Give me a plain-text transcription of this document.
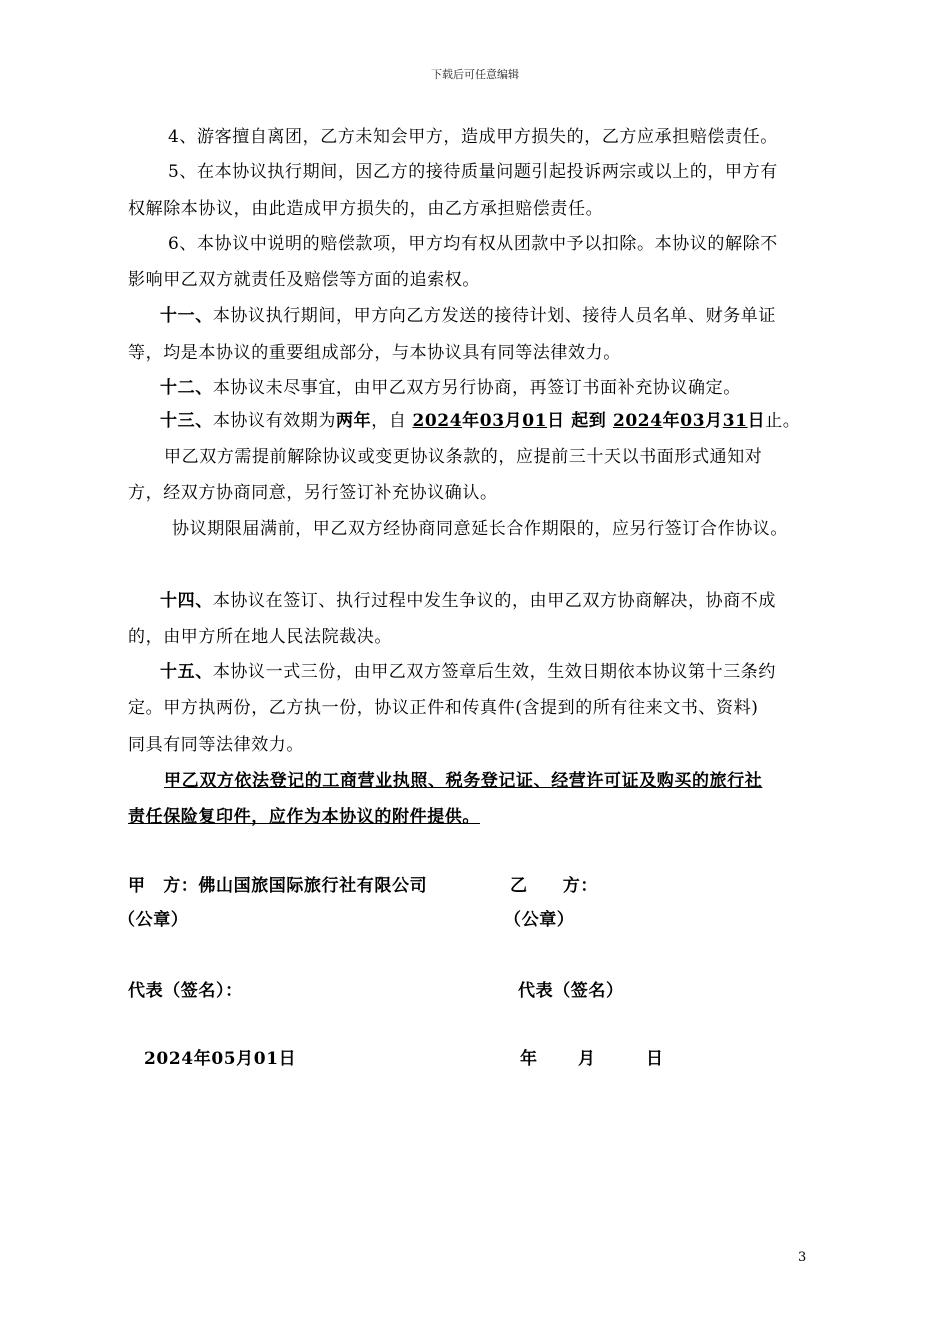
下载后可任意编辑
4、游客擅自离团，乙方未知会甲方，造成甲方损失的，乙方应承担赔偿责任。
5、在本协议执行期间，因乙方的接待质量问题引起投诉两宗或以上的，甲方有
权解除本协议，由此造成甲方损失的，由乙方承担赔偿责任。
6、本协议中说明的赔偿款项，甲方均有权从团款中予以扣除。本协议的解除不
影响甲乙双方就责任及赔偿等方面的追索权。
十一、本协议执行期间，甲方向乙方发送的接待计划、接待人员名单、财务单证
等，均是本协议的重要组成部分，与本协议具有同等法律效力。
十二、本协议未尽事宜，由甲乙双方另行协商，再签订书面补充协议确定。
十三、本协议有效期为两年，自 2024年03月01日 起到 2024年03月31日止。
甲乙双方需提前解除协议或变更协议条款的，应提前三十天以书面形式通知对
方，经双方协商同意，另行签订补充协议确认。
协议期限届满前，甲乙双方经协商同意延长合作期限的，应另行签订合作协议。
十四、本协议在签订、执行过程中发生争议的，由甲乙双方协商解决，协商不成
的，由甲方所在地人民法院裁决。
十五、本协议一式三份，由甲乙双方签章后生效，生效日期依本协议第十三条约
定。甲方执两份，乙方执一份，协议正件和传真件(含提到的所有往来文书、资料)
同具有同等法律效力。
甲乙双方依法登记的工商营业执照、税务登记证、经营许可证及购买的旅行社
责任保险复印件，应作为本协议的附件提供。
甲　方：佛山国旅国际旅行社有限公司	乙　　方：
（公章）	（公章）
代表（签名）：	代表（签名）
2024年05月01日	年 月	日
3
